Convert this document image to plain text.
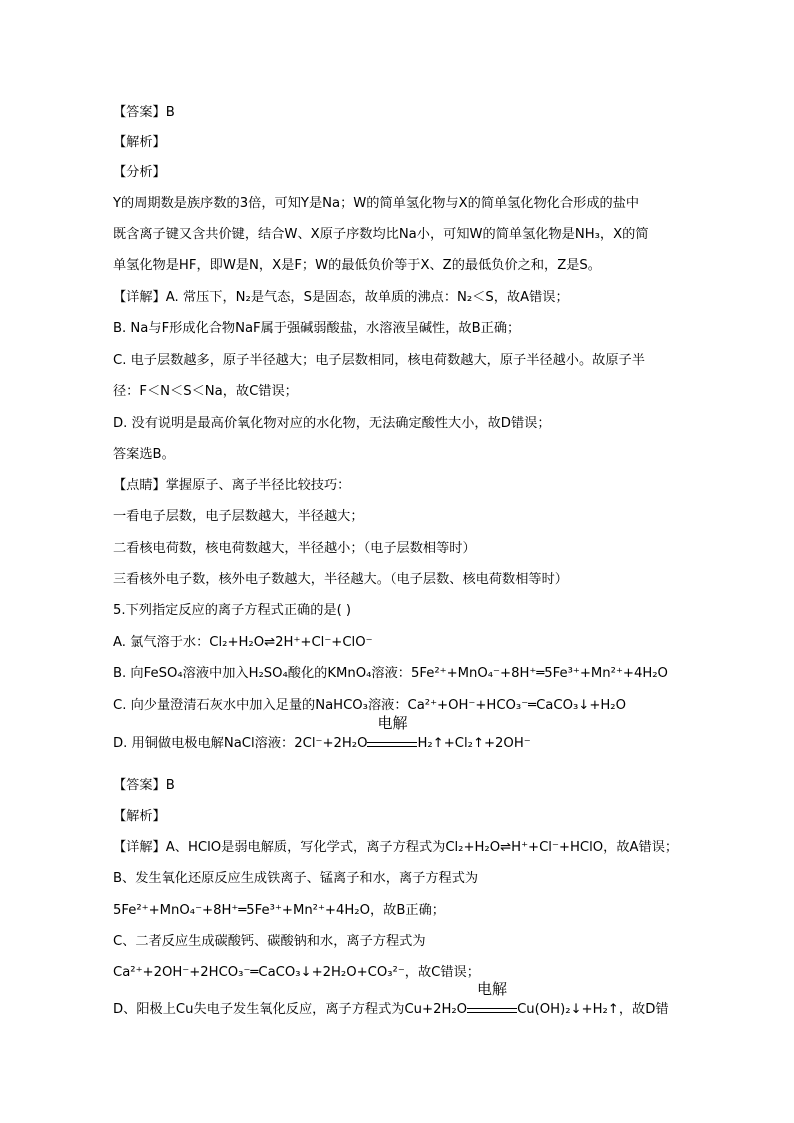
【答案】B
【解析】
【分析】
Y的周期数是族序数的3倍，可知Y是Na；W的简单氢化物与X的简单氢化物化合形成的盐中
既含离子键又含共价键，结合W、X原子序数均比Na小，可知W的简单氢化物是NH₃，X的简
单氢化物是HF，即W是N，X是F；W的最低负价等于X、Z的最低负价之和，Z是S。
【详解】A. 常压下，N₂是气态，S是固态，故单质的沸点：N₂＜S，故A错误；
B. Na与F形成化合物NaF属于强碱弱酸盐，水溶液呈碱性，故B正确；
C. 电子层数越多，原子半径越大；电子层数相同，核电荷数越大，原子半径越小。故原子半
径：F＜N＜S＜Na，故C错误；
D. 没有说明是最高价氧化物对应的水化物，无法确定酸性大小，故D错误；
答案选B。
【点睛】掌握原子、离子半径比较技巧：
一看电子层数，电子层数越大，半径越大；
二看核电荷数，核电荷数越大，半径越小；（电子层数相等时）
三看核外电子数，核外电子数越大，半径越大。（电子层数、核电荷数相等时）
5.下列指定反应的离子方程式正确的是( )
A. 氯气溶于水：Cl₂+H₂O⇌2H⁺+Cl⁻+ClO⁻
B. 向FeSO₄溶液中加入H₂SO₄酸化的KMnO₄溶液：5Fe²⁺+MnO₄⁻+8H⁺═5Fe³⁺+Mn²⁺+4H₂O
C. 向少量澄清石灰水中加入足量的NaHCO₃溶液：Ca²⁺+OH⁻+HCO₃⁻═CaCO₃↓+H₂O
D. 用铜做电极电解NaCl溶液：2Cl⁻+2H₂O
电解
H₂↑+Cl₂↑+2OH⁻
【答案】B
【解析】
【详解】A、HClO是弱电解质，写化学式，离子方程式为Cl₂+H₂O⇌H⁺+Cl⁻+HClO，故A错误；
B、发生氧化还原反应生成铁离子、锰离子和水，离子方程式为
5Fe²⁺+MnO₄⁻+8H⁺═5Fe³⁺+Mn²⁺+4H₂O，故B正确；
C、二者反应生成碳酸钙、碳酸钠和水，离子方程式为
Ca²⁺+2OH⁻+2HCO₃⁻═CaCO₃↓+2H₂O+CO₃²⁻，故C错误；
D、阳极上Cu失电子发生氧化反应，离子方程式为Cu+2H₂O
电解
Cu(OH)₂↓+H₂↑，故D错
